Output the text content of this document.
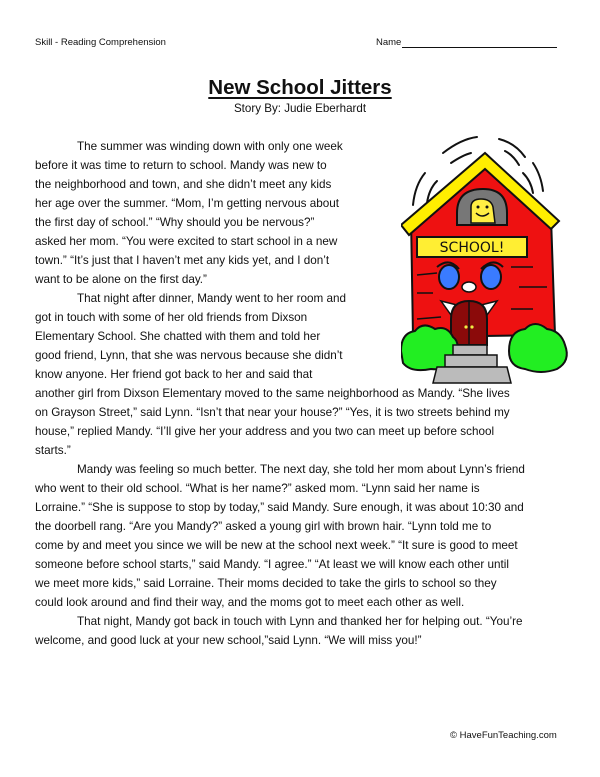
Skill - Reading Comprehension	Name
New School Jitters
Story By: Judie Eberhardt
SCHOOL!
The summer was winding down with only one week
before it was time to return to school. Mandy was new to
the neighborhood and town, and she didn’t meet any kids
her age over the summer. “Mom, I’m getting nervous about
the first day of school.” “Why should you be nervous?”
asked her mom. “You were excited to start school in a new
town.” “It’s just that I haven’t met any kids yet, and I don’t
want to be alone on the first day.”
That night after dinner, Mandy went to her room and
got in touch with some of her old friends from Dixson
Elementary School. She chatted with them and told her
good friend, Lynn, that she was nervous because she didn’t
know anyone. Her friend got back to her and said that
another girl from Dixson Elementary moved to the same neighborhood as Mandy. “She lives
on Grayson Street,” said Lynn. “Isn’t that near your house?” “Yes, it is two streets behind my
house,” replied Mandy. “I’ll give her your address and you two can meet up before school
starts.”
Mandy was feeling so much better. The next day, she told her mom about Lynn’s friend
who went to their old school. “What is her name?” asked mom. “Lynn said her name is
Lorraine.” “She is suppose to stop by today,” said Mandy. Sure enough, it was about 10:30 and
the doorbell rang. “Are you Mandy?” asked a young girl with brown hair. “Lynn told me to
come by and meet you since we will be new at the school next week.” “It sure is good to meet
someone before school starts,” said Mandy. “I agree.” “At least we will know each other until
we meet more kids,” said Lorraine. Their moms decided to take the girls to school so they
could look around and find their way, and the moms got to meet each other as well.
That night, Mandy got back in touch with Lynn and thanked her for helping out. “You’re
welcome, and good luck at your new school,”said Lynn. “We will miss you!”
© HaveFunTeaching.com
